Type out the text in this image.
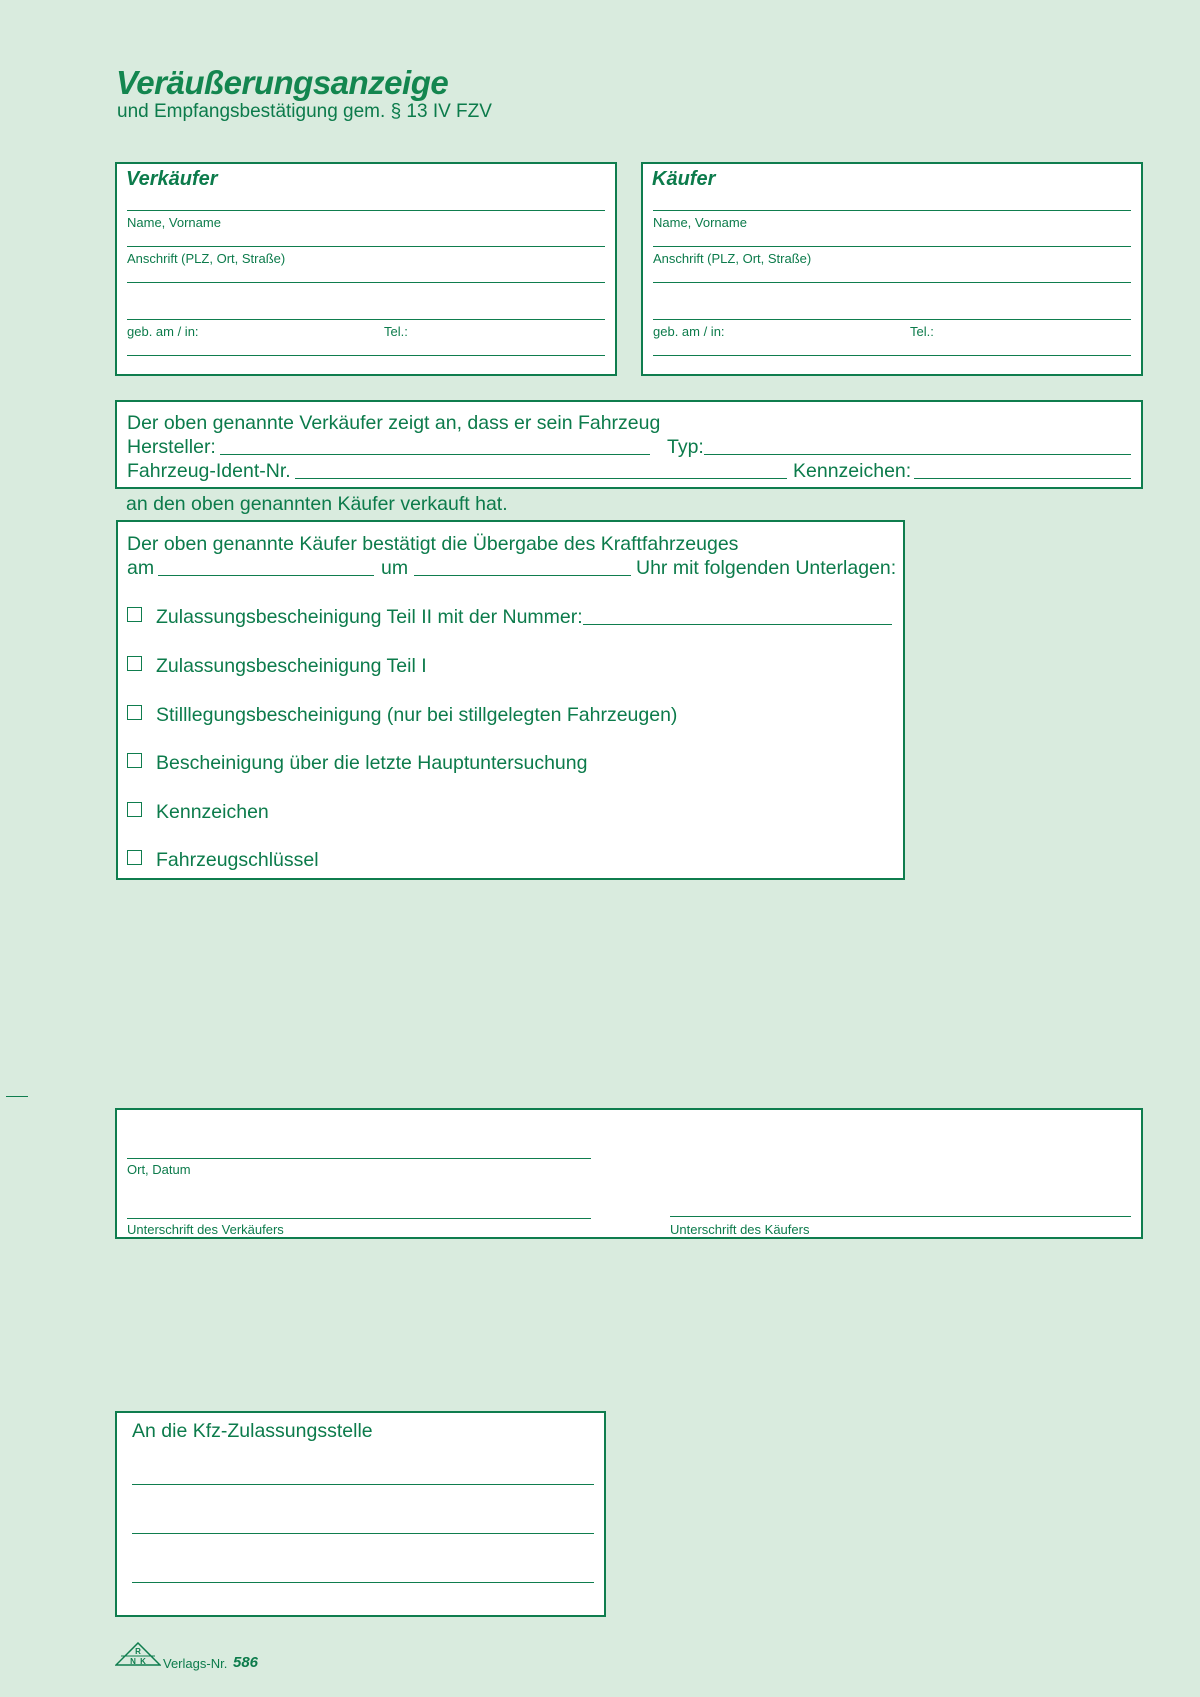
Veräußerungsanzeige
und Empfangsbestätigung gem. § 13 IV FZV
Verkäufer
Name, Vorname
Anschrift (PLZ, Ort, Straße)
geb. am / in:	Tel.:
Käufer
Name, Vorname
Anschrift (PLZ, Ort, Straße)
geb. am / in:	Tel.:
Der oben genannte Verkäufer zeigt an, dass er sein Fahrzeug
Hersteller:	Typ:
Fahrzeug-Ident-Nr.	Kennzeichen:
an den oben genannten Käufer verkauft hat.
Der oben genannte Käufer bestätigt die Übergabe des Kraftfahrzeuges
am	um	Uhr mit folgenden Unterlagen:
Zulassungsbescheinigung Teil II mit der Nummer:
Zulassungsbescheinigung Teil I
Stilllegungsbescheinigung (nur bei stillgelegten Fahrzeugen)
Bescheinigung über die letzte Hauptuntersuchung
Kennzeichen
Fahrzeugschlüssel
Ort, Datum
Unterschrift des Verkäufers	Unterschrift des Käufers
An die Kfz-Zulassungsstelle
R
N K Verlags-Nr. 586
